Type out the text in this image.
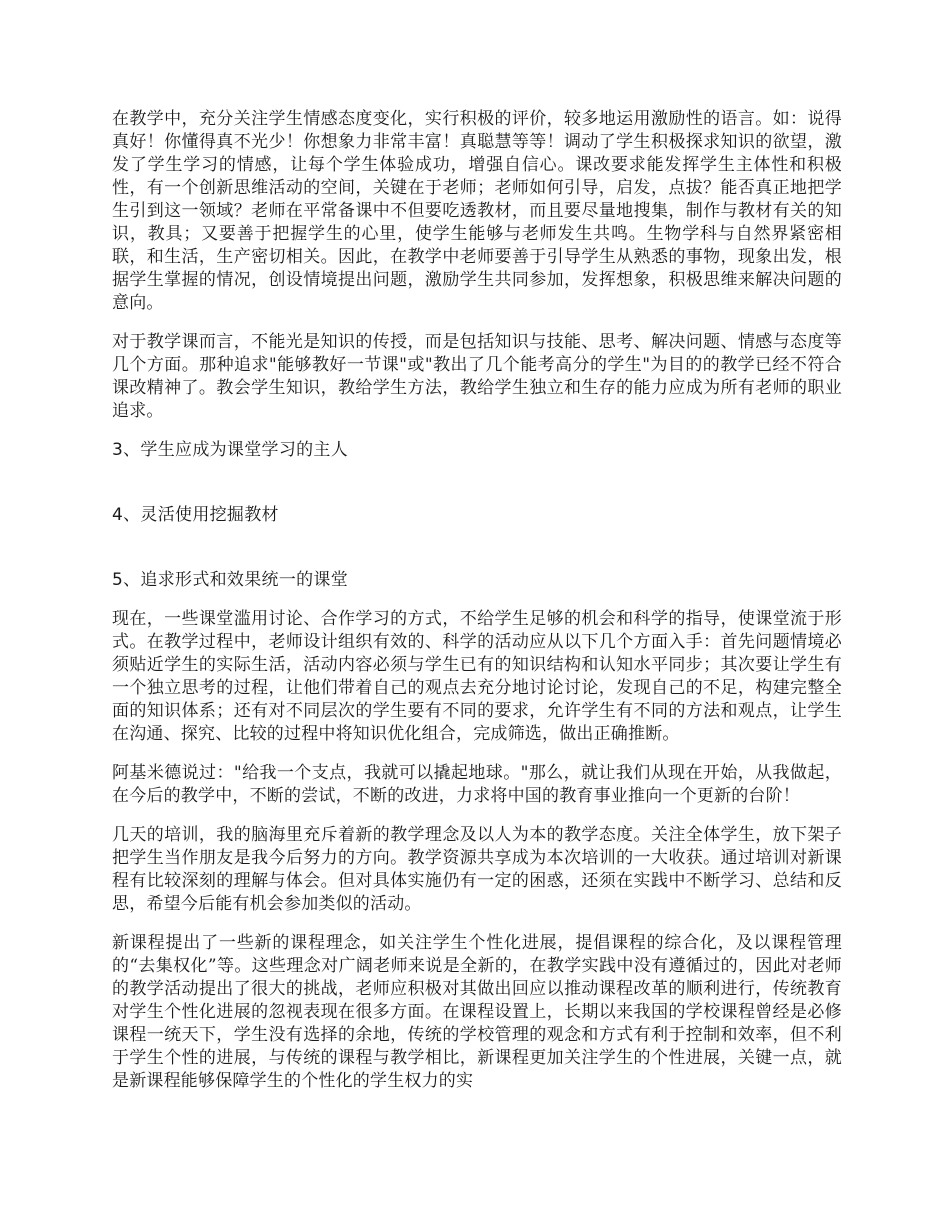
在教学中，充分关注学生情感态度变化，实行积极的评价，较多地运用激励性的语言。如：说得真好！你懂得真不光少！你想象力非常丰富！真聪慧等等！调动了学生积极探求知识的欲望，激发了学生学习的情感，让每个学生体验成功，增强自信心。课改要求能发挥学生主体性和积极性，有一个创新思维活动的空间，关键在于老师；老师如何引导，启发，点拔？能否真正地把学生引到这一领域？老师在平常备课中不但要吃透教材，而且要尽量地搜集，制作与教材有关的知识，教具；又要善于把握学生的心里，使学生能够与老师发生共鸣。生物学科与自然界紧密相联，和生活，生产密切相关。因此，在教学中老师要善于引导学生从熟悉的事物，现象出发，根据学生掌握的情况，创设情境提出问题，激励学生共同参加，发挥想象，积极思维来解决问题的意向。

对于教学课而言，不能光是知识的传授，而是包括知识与技能、思考、解决问题、情感与态度等几个方面。那种追求"能够教好一节课"或"教出了几个能考高分的学生"为目的的教学已经不符合课改精神了。教会学生知识，教给学生方法，教给学生独立和生存的能力应成为所有老师的职业追求。

3、学生应成为课堂学习的主人

4、灵活使用挖掘教材

5、追求形式和效果统一的课堂

现在，一些课堂滥用讨论、合作学习的方式，不给学生足够的机会和科学的指导，使课堂流于形式。在教学过程中，老师设计组织有效的、科学的活动应从以下几个方面入手：首先问题情境必须贴近学生的实际生活，活动内容必须与学生已有的知识结构和认知水平同步；其次要让学生有一个独立思考的过程，让他们带着自己的观点去充分地讨论讨论，发现自己的不足，构建完整全面的知识体系；还有对不同层次的学生要有不同的要求，允许学生有不同的方法和观点，让学生在沟通、探究、比较的过程中将知识优化组合，完成筛选，做出正确推断。

阿基米德说过："给我一个支点，我就可以撬起地球。"那么，就让我们从现在开始，从我做起，在今后的教学中，不断的尝试，不断的改进，力求将中国的教育事业推向一个更新的台阶！

几天的培训，我的脑海里充斥着新的教学理念及以人为本的教学态度。关注全体学生，放下架子把学生当作朋友是我今后努力的方向。教学资源共享成为本次培训的一大收获。通过培训对新课程有比较深刻的理解与体会。但对具体实施仍有一定的困惑，还须在实践中不断学习、总结和反思，希望今后能有机会参加类似的活动。

新课程提出了一些新的课程理念，如关注学生个性化进展，提倡课程的综合化，及以课程管理的“去集权化”等。这些理念对广阔老师来说是全新的，在教学实践中没有遵循过的，因此对老师的教学活动提出了很大的挑战，老师应积极对其做出回应以推动课程改革的顺利进行，传统教育对学生个性化进展的忽视表现在很多方面。在课程设置上，长期以来我国的学校课程曾经是必修课程一统天下，学生没有选择的余地，传统的学校管理的观念和方式有利于控制和效率，但不利于学生个性的进展，与传统的课程与教学相比，新课程更加关注学生的个性进展，关键一点，就是新课程能够保障学生的个性化的学生权力的实
